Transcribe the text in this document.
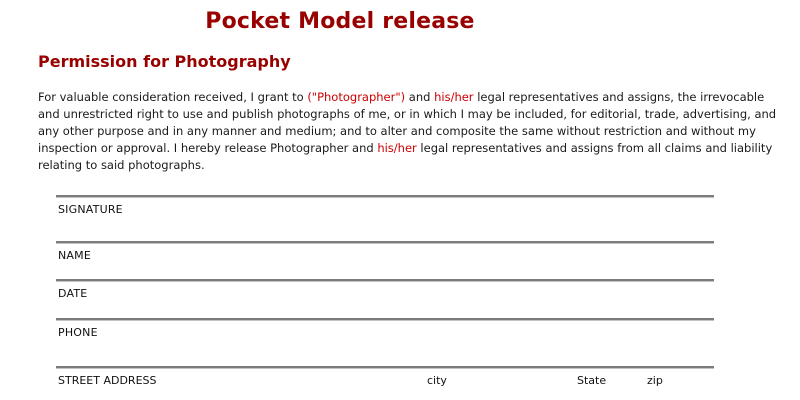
Pocket Model release
Permission for Photography

For valuable consideration received, I grant to ("Photographer") and his/her legal representatives and assigns, the irrevocable and unrestricted right to use and publish photographs of me, or in which I may be included, for editorial, trade, advertising, and any other purpose and in any manner and medium; and to alter and composite the same without restriction and without my inspection or approval. I hereby release Photographer and his/her legal representatives and assigns from all claims and liability relating to said photographs.

SIGNATURE
NAME
DATE
PHONE
STREET ADDRESS	city	State	zip
